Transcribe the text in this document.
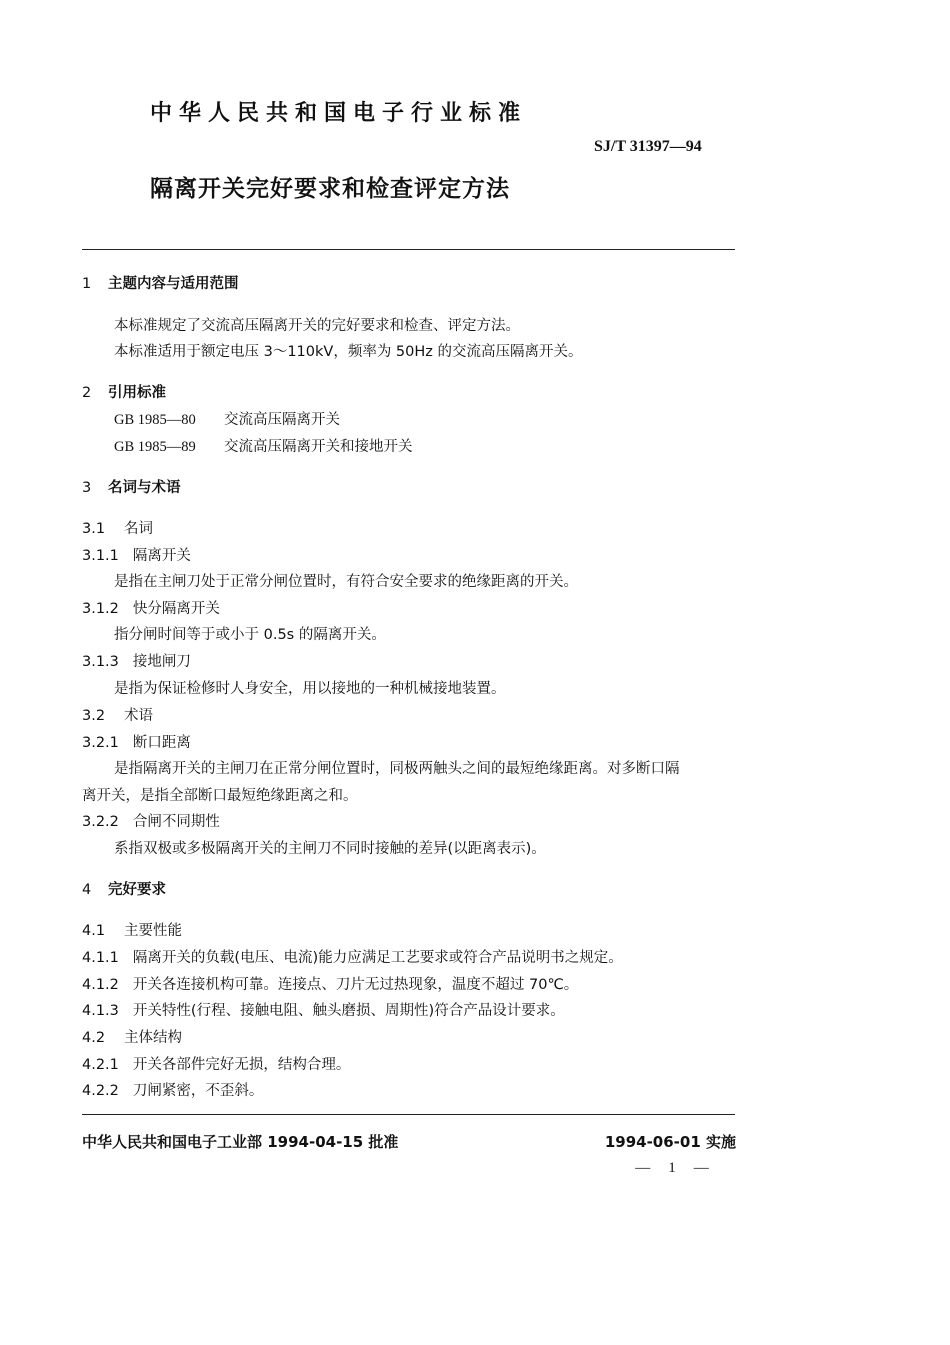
中华人民共和国电子行业标准
SJ/T 31397—94
隔离开关完好要求和检查评定方法
1 主题内容与适用范围
本标准规定了交流高压隔离开关的完好要求和检查、评定方法。
本标准适用于额定电压 3～110kV，频率为 50Hz 的交流高压隔离开关。
2 引用标准
GB 1985—80 交流高压隔离开关
GB 1985—89 交流高压隔离开关和接地开关
3 名词与术语
3.1 名词
3.1.1 隔离开关
是指在主闸刀处于正常分闸位置时，有符合安全要求的绝缘距离的开关。
3.1.2 快分隔离开关
指分闸时间等于或小于 0.5s 的隔离开关。
3.1.3 接地闸刀
是指为保证检修时人身安全，用以接地的一种机械接地装置。
3.2 术语
3.2.1 断口距离
是指隔离开关的主闸刀在正常分闸位置时，同极两触头之间的最短绝缘距离。对多断口隔
离开关，是指全部断口最短绝缘距离之和。
3.2.2 合闸不同期性
系指双极或多极隔离开关的主闸刀不同时接触的差异(以距离表示)。
4 完好要求
4.1 主要性能
4.1.1 隔离开关的负载(电压、电流)能力应满足工艺要求或符合产品说明书之规定。
4.1.2 开关各连接机构可靠。连接点、刀片无过热现象，温度不超过 70℃。
4.1.3 开关特性(行程、接触电阻、触头磨损、周期性)符合产品设计要求。
4.2 主体结构
4.2.1 开关各部件完好无损，结构合理。
4.2.2 刀闸紧密，不歪斜。
中华人民共和国电子工业部 1994-04-15 批准	1994-06-01 实施
—1—
